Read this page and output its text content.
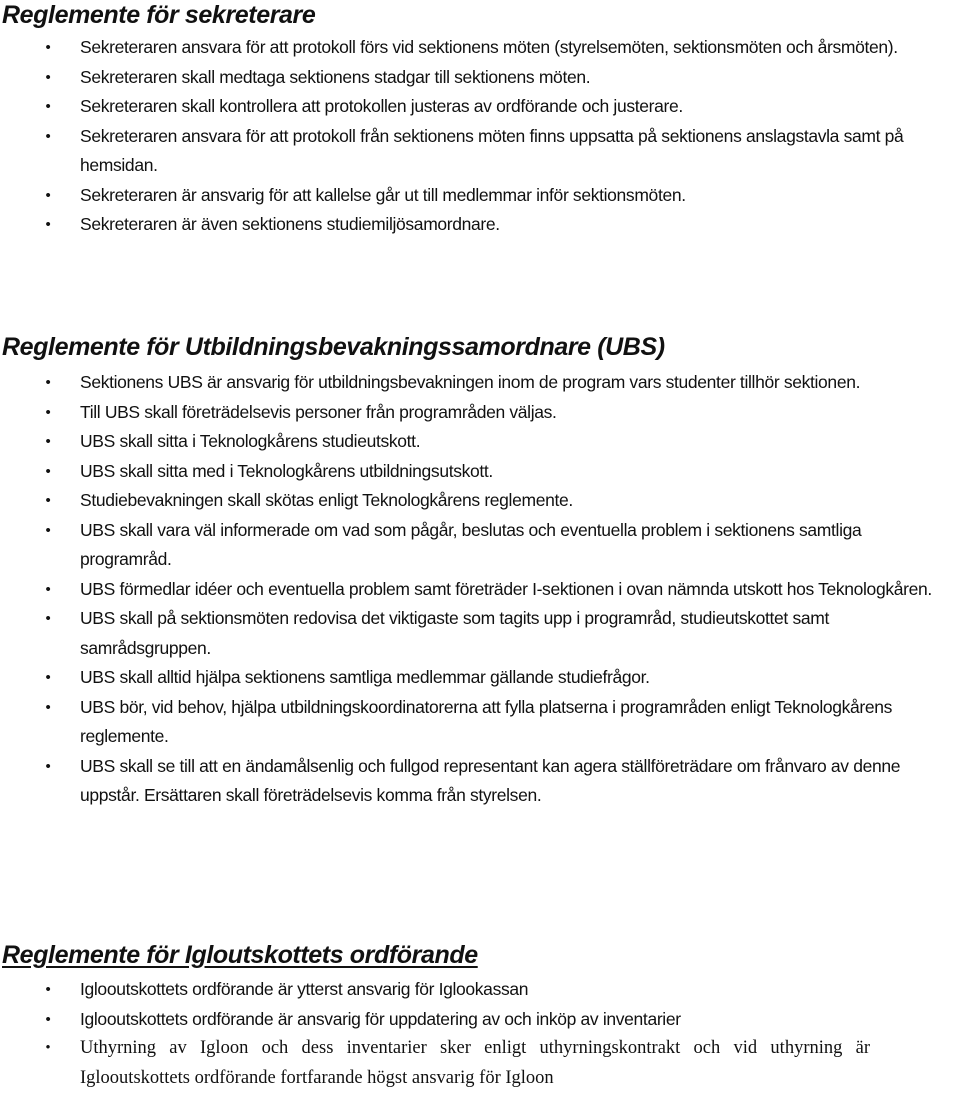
Reglemente för sekreterare
•	Sekreteraren ansvara för att protokoll förs vid sektionens möten (styrelsemöten, sektionsmöten och årsmöten).
•	Sekreteraren skall medtaga sektionens stadgar till sektionens möten.
•	Sekreteraren skall kontrollera att protokollen justeras av ordförande och justerare.
•	Sekreteraren ansvara för att protokoll från sektionens möten finns uppsatta på sektionens anslagstavla samt på hemsidan.
•	Sekreteraren är ansvarig för att kallelse går ut till medlemmar inför sektionsmöten.
•	Sekreteraren är även sektionens studiemiljösamordnare.
Reglemente för Utbildningsbevakningssamordnare (UBS)
•	Sektionens UBS är ansvarig för utbildningsbevakningen inom de program vars studenter tillhör sektionen.
•	Till UBS skall företrädelsevis personer från programråden väljas.
•	UBS skall sitta i Teknologkårens studieutskott.
•	UBS skall sitta med i Teknologkårens utbildningsutskott.
•	Studiebevakningen skall skötas enligt Teknologkårens reglemente.
•	UBS skall vara väl informerade om vad som pågår, beslutas och eventuella problem i sektionens samtliga programråd.
•	UBS förmedlar idéer och eventuella problem samt företräder I-sektionen i ovan nämnda utskott hos Teknologkåren.
•	UBS skall på sektionsmöten redovisa det viktigaste som tagits upp i programråd, studieutskottet samt samrådsgruppen.
•	UBS skall alltid hjälpa sektionens samtliga medlemmar gällande studiefrågor.
•	UBS bör, vid behov, hjälpa utbildningskoordinatorerna att fylla platserna i programråden enligt Teknologkårens reglemente.
•	UBS skall se till att en ändamålsenlig och fullgod representant kan agera ställföreträdare om frånvaro av denne uppstår. Ersättaren skall företrädelsevis komma från styrelsen.
Reglemente för Igloutskottets ordförande
•	Iglooutskottets ordförande är ytterst ansvarig för Iglookassan
•	Iglooutskottets ordförande är ansvarig för uppdatering av och inköp av inventarier
•	Uthyrning av Igloon och dess inventarier sker enligt uthyrningskontrakt och vid uthyrning är Iglooutskottets ordförande fortfarande högst ansvarig för Igloon
